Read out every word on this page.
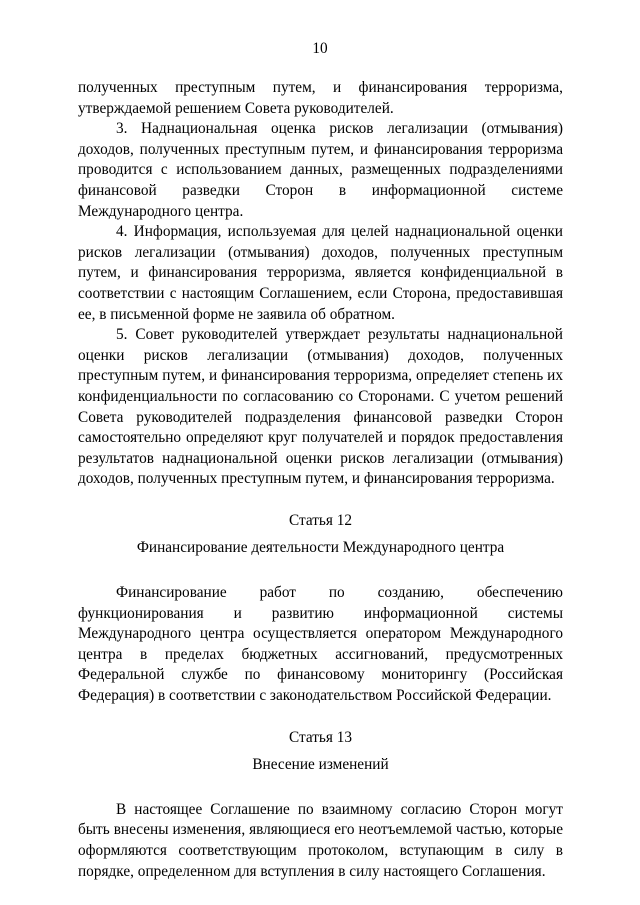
10

полученных преступным путем, и финансирования терроризма, утверждаемой решением Совета руководителей.

3. Наднациональная оценка рисков легализации (отмывания) доходов, полученных преступным путем, и финансирования терроризма проводится с использованием данных, размещенных подразделениями финансовой разведки Сторон в информационной системе Международного центра.

4. Информация, используемая для целей наднациональной оценки рисков легализации (отмывания) доходов, полученных преступным путем, и финансирования терроризма, является конфиденциальной в соответствии с настоящим Соглашением, если Сторона, предоставившая ее, в письменной форме не заявила об обратном.

5. Совет руководителей утверждает результаты наднациональной оценки рисков легализации (отмывания) доходов, полученных преступным путем, и финансирования терроризма, определяет степень их конфиденциальности по согласованию со Сторонами. С учетом решений Совета руководителей подразделения финансовой разведки Сторон самостоятельно определяют круг получателей и порядок предоставления результатов наднациональной оценки рисков легализации (отмывания) доходов, полученных преступным путем, и финансирования терроризма.

Статья 12
Финансирование деятельности Международного центра

Финансирование работ по созданию, обеспечению функционирования и развитию информационной системы Международного центра осуществляется оператором Международного центра в пределах бюджетных ассигнований, предусмотренных Федеральной службе по финансовому мониторингу (Российская Федерация) в соответствии с законодательством Российской Федерации.

Статья 13
Внесение изменений

В настоящее Соглашение по взаимному согласию Сторон могут быть внесены изменения, являющиеся его неотъемлемой частью, которые оформляются соответствующим протоколом, вступающим в силу в порядке, определенном для вступления в силу настоящего Соглашения.
